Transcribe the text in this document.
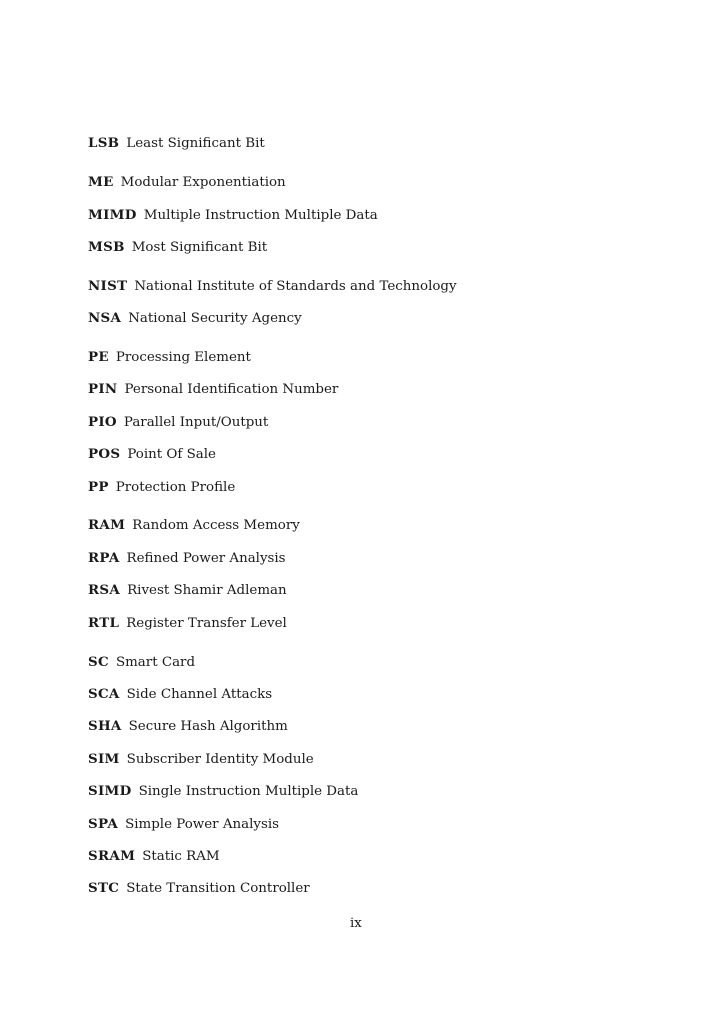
LSB Least Significant Bit
ME Modular Exponentiation
MIMD Multiple Instruction Multiple Data
MSB Most Significant Bit
NIST National Institute of Standards and Technology
NSA National Security Agency
PE Processing Element
PIN Personal Identification Number
PIO Parallel Input/Output
POS Point Of Sale
PP Protection Profile
RAM Random Access Memory
RPA Refined Power Analysis
RSA Rivest Shamir Adleman
RTL Register Transfer Level
SC Smart Card
SCA Side Channel Attacks
SHA Secure Hash Algorithm
SIM Subscriber Identity Module
SIMD Single Instruction Multiple Data
SPA Simple Power Analysis
SRAM Static RAM
STC State Transition Controller
ix
